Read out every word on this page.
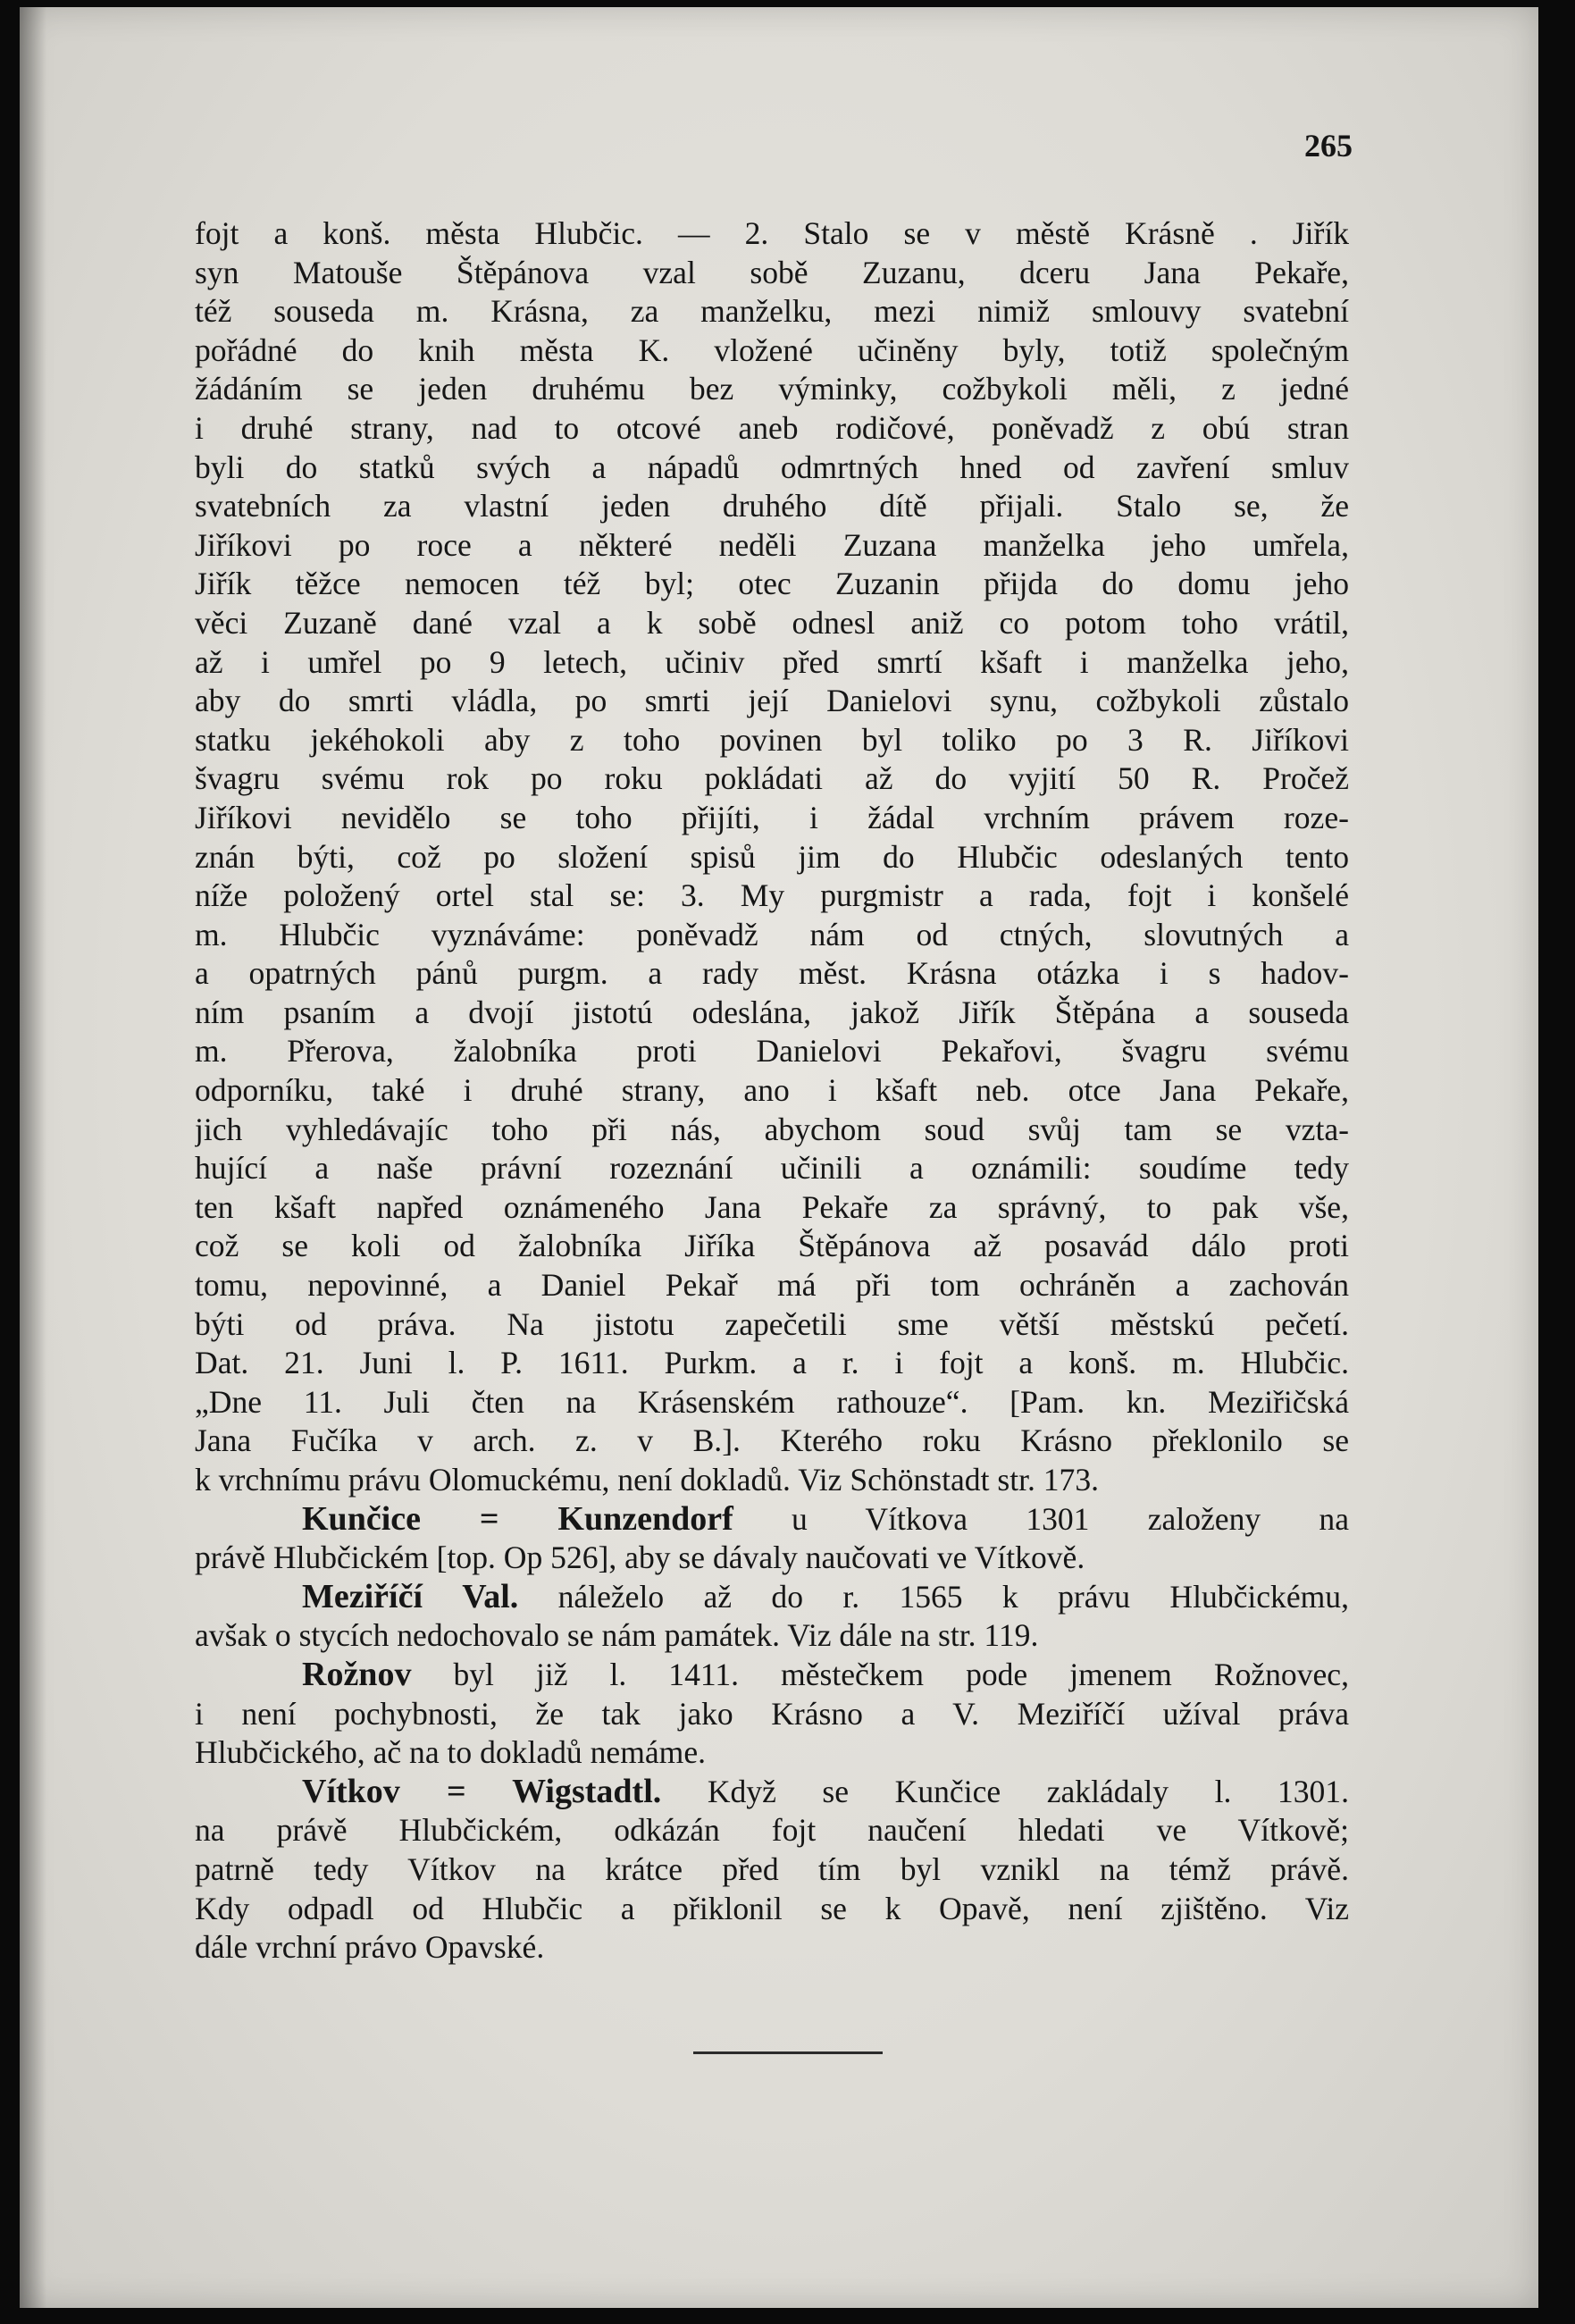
265
fojt a konš. města Hlubčic. — 2. Stalo se v městě Krásně . Jiřík
syn Matouše Štěpánova vzal sobě Zuzanu, dceru Jana Pekaře,
též souseda m. Krásna, za manželku, mezi nimiž smlouvy svatební
pořádné do knih města K. vložené učiněny byly, totiž společným
žádáním se jeden druhému bez výminky, cožbykoli měli, z jedné
i druhé strany, nad to otcové aneb rodičové, poněvadž z obú stran
byli do statků svých a nápadů odmrtných hned od zavření smluv
svatebních za vlastní jeden druhého dítě přijali. Stalo se, že
Jiříkovi po roce a některé neděli Zuzana manželka jeho umřela,
Jiřík těžce nemocen též byl; otec Zuzanin přijda do domu jeho
věci Zuzaně dané vzal a k sobě odnesl aniž co potom toho vrátil,
až i umřel po 9 letech, učiniv před smrtí kšaft i manželka jeho,
aby do smrti vládla, po smrti její Danielovi synu, cožbykoli zůstalo
statku jekéhokoli aby z toho povinen byl toliko po 3 R. Jiříkovi
švagru svému rok po roku pokládati až do vyjití 50 R. Pročež
Jiříkovi nevidělo se toho přijíti, i žádal vrchním právem roze-
znán býti, což po složení spisů jim do Hlubčic odeslaných tento
níže položený ortel stal se: 3. My purgmistr a rada, fojt i konšelé
m. Hlubčic vyznáváme: poněvadž nám od ctných, slovutných a
a opatrných pánů purgm. a rady měst. Krásna otázka i s hadov-
ním psaním a dvojí jistotú odeslána, jakož Jiřík Štěpána a souseda
m. Přerova, žalobníka proti Danielovi Pekařovi, švagru svému
odporníku, také i druhé strany, ano i kšaft neb. otce Jana Pekaře,
jich vyhledávajíc toho při nás, abychom soud svůj tam se vzta-
hující a naše právní rozeznání učinili a oznámili: soudíme tedy
ten kšaft napřed oznámeného Jana Pekaře za správný, to pak vše,
což se koli od žalobníka Jiříka Štěpánova až posavád dálo proti
tomu, nepovinné, a Daniel Pekař má při tom ochráněn a zachován
býti od práva. Na jistotu zapečetili sme větší městskú pečetí.
Dat. 21. Juni l. P. 1611. Purkm. a r. i fojt a konš. m. Hlubčic.
„Dne 11. Juli čten na Krásenském rathouze“. [Pam. kn. Meziřičská
Jana Fučíka v arch. z. v B.]. Kterého roku Krásno překlonilo se
k vrchnímu právu Olomuckému, není dokladů. Viz Schönstadt str. 173.
Kunčice = Kunzendorf u Vítkova 1301 založeny na
právě Hlubčickém [top. Op 526], aby se dávaly naučovati ve Vítkově.
Meziříčí Val. náleželo až do r. 1565 k právu Hlubčickému,
avšak o stycích nedochovalo se nám památek. Viz dále na str. 119.
Rožnov byl již l. 1411. městečkem pode jmenem Rožnovec,
i není pochybnosti, že tak jako Krásno a V. Meziříčí užíval práva
Hlubčického, ač na to dokladů nemáme.
Vítkov = Wigstadtl. Když se Kunčice zakládaly l. 1301.
na právě Hlubčickém, odkázán fojt naučení hledati ve Vítkově;
patrně tedy Vítkov na krátce před tím byl vznikl na témž právě.
Kdy odpadl od Hlubčic a přiklonil se k Opavě, není zjištěno. Viz
dále vrchní právo Opavské.
